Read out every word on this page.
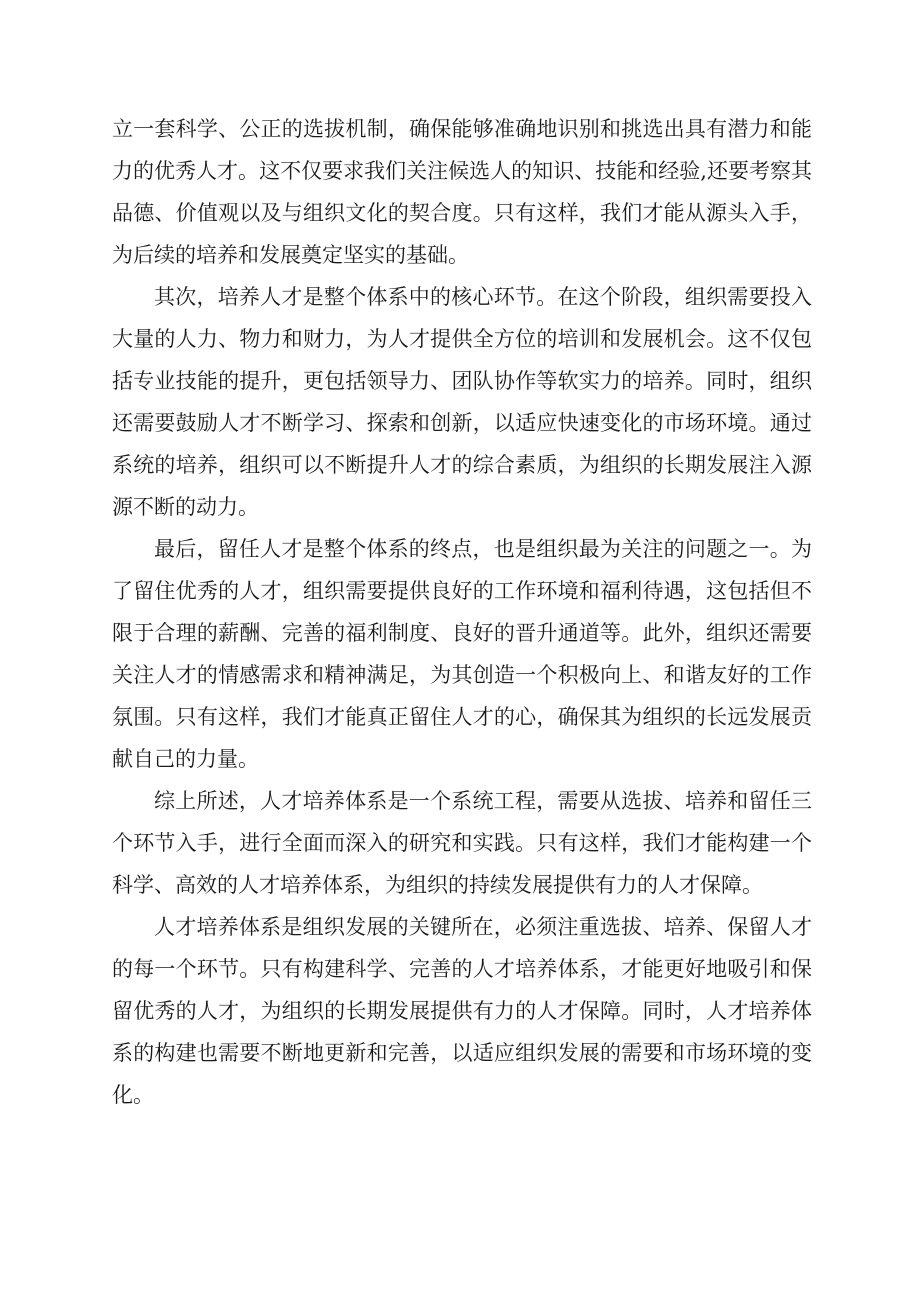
立一套科学、公正的选拔机制，确保能够准确地识别和挑选出具有潜力和能力的优秀人才。这不仅要求我们关注候选人的知识、技能和经验,还要考察其品德、价值观以及与组织文化的契合度。只有这样，我们才能从源头入手，为后续的培养和发展奠定坚实的基础。

其次，培养人才是整个体系中的核心环节。在这个阶段，组织需要投入大量的人力、物力和财力，为人才提供全方位的培训和发展机会。这不仅包括专业技能的提升，更包括领导力、团队协作等软实力的培养。同时，组织还需要鼓励人才不断学习、探索和创新，以适应快速变化的市场环境。通过系统的培养，组织可以不断提升人才的综合素质，为组织的长期发展注入源源不断的动力。

最后，留任人才是整个体系的终点，也是组织最为关注的问题之一。为了留住优秀的人才，组织需要提供良好的工作环境和福利待遇，这包括但不限于合理的薪酬、完善的福利制度、良好的晋升通道等。此外，组织还需要关注人才的情感需求和精神满足，为其创造一个积极向上、和谐友好的工作氛围。只有这样，我们才能真正留住人才的心，确保其为组织的长远发展贡献自己的力量。

综上所述，人才培养体系是一个系统工程，需要从选拔、培养和留任三个环节入手，进行全面而深入的研究和实践。只有这样，我们才能构建一个科学、高效的人才培养体系，为组织的持续发展提供有力的人才保障。

人才培养体系是组织发展的关键所在，必须注重选拔、培养、保留人才的每一个环节。只有构建科学、完善的人才培养体系，才能更好地吸引和保留优秀的人才，为组织的长期发展提供有力的人才保障。同时，人才培养体系的构建也需要不断地更新和完善，以适应组织发展的需要和市场环境的变化。
